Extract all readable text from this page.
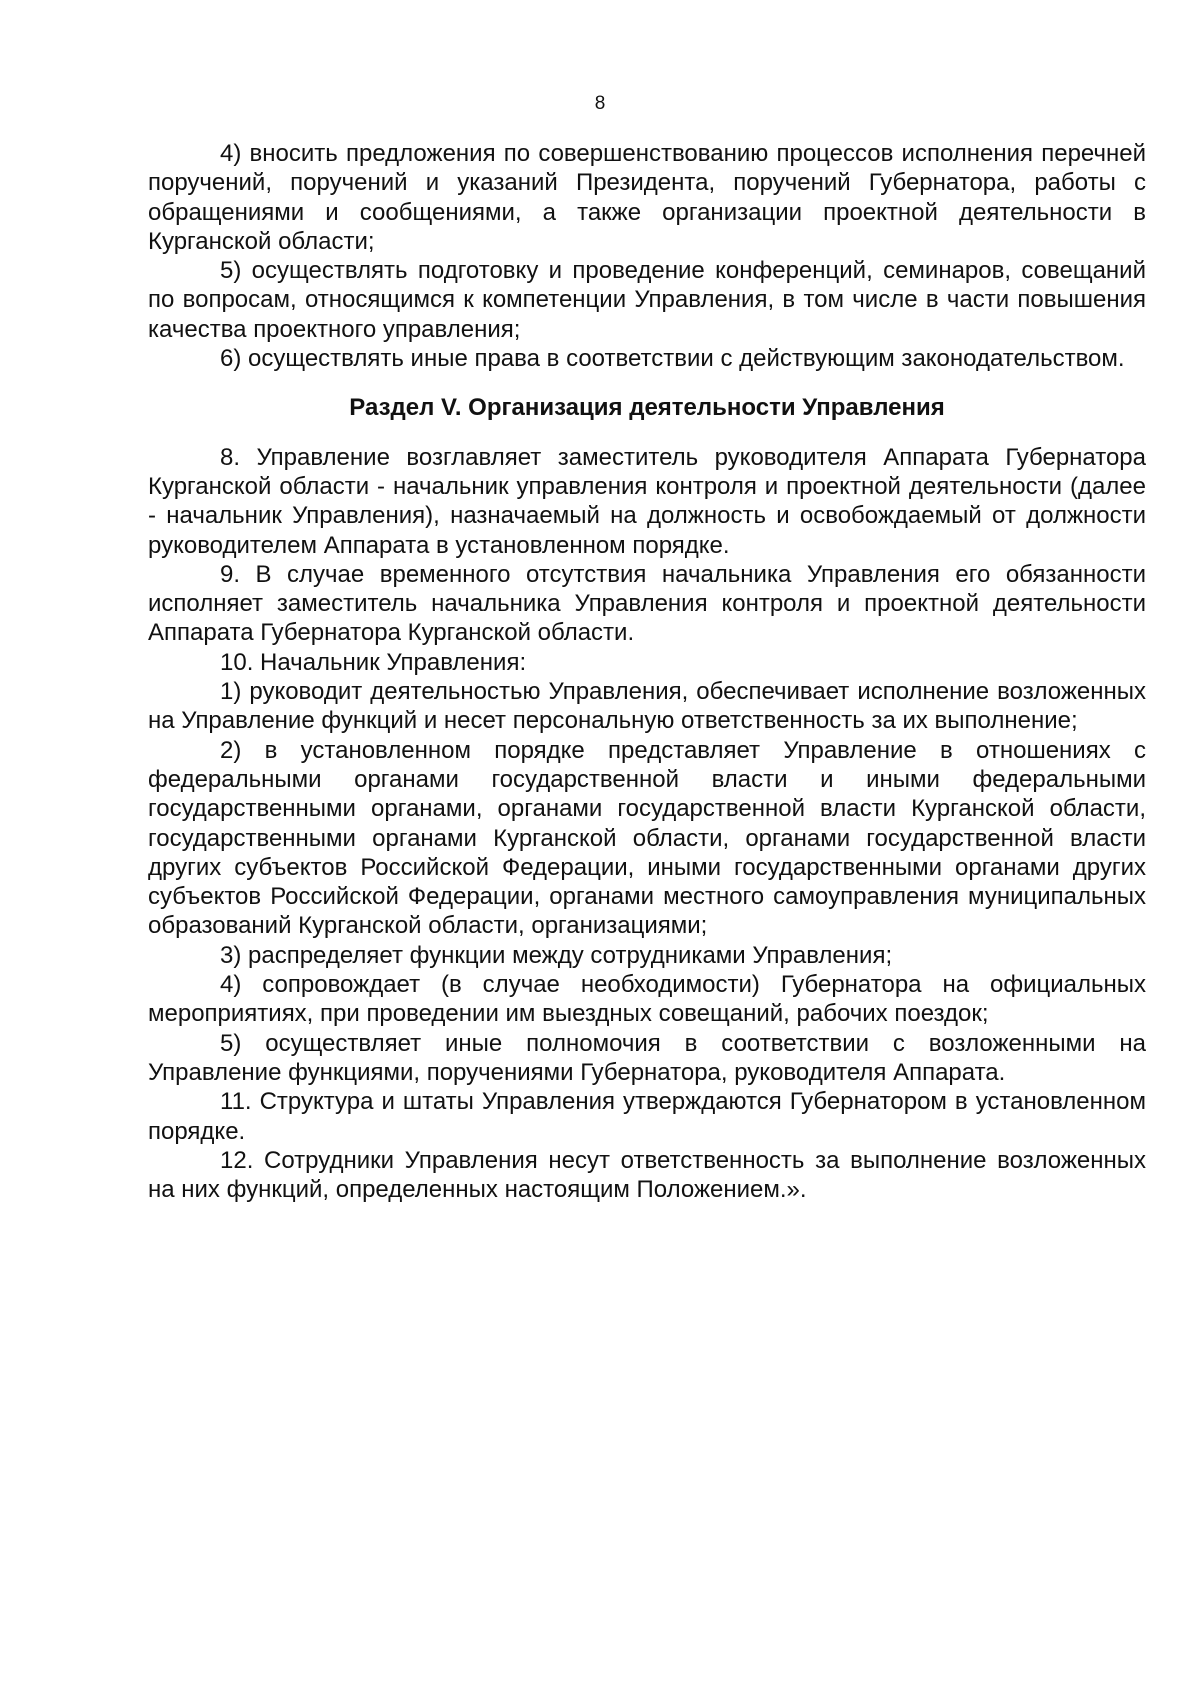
8

4) вносить предложения по совершенствованию процессов исполнения перечней поручений, поручений и указаний Президента, поручений Губернатора, работы с обращениями и сообщениями, а также организации проектной деятельности в Курганской области;

5) осуществлять подготовку и проведение конференций, семинаров, совещаний по вопросам, относящимся к компетенции Управления, в том числе в части повышения качества проектного управления;

6) осуществлять иные права в соответствии с действующим законодательством.

Раздел V. Организация деятельности Управления

8. Управление возглавляет заместитель руководителя Аппарата Губернатора Курганской области - начальник управления контроля и проектной деятельности (далее - начальник Управления), назначаемый на должность и освобождаемый от должности руководителем Аппарата в установленном порядке.

9. В случае временного отсутствия начальника Управления его обязанности исполняет заместитель начальника Управления контроля и проектной деятельности Аппарата Губернатора Курганской области.

10. Начальник Управления:

1) руководит деятельностью Управления, обеспечивает исполнение возложенных на Управление функций и несет персональную ответственность за их выполнение;

2) в установленном порядке представляет Управление в отношениях с федеральными органами государственной власти и иными федеральными государственными органами, органами государственной власти Курганской области, государственными органами Курганской области, органами государственной власти других субъектов Российской Федерации, иными государственными органами других субъектов Российской Федерации, органами местного самоуправления муниципальных образований Курганской области, организациями;

3) распределяет функции между сотрудниками Управления;

4) сопровождает (в случае необходимости) Губернатора на официальных мероприятиях, при проведении им выездных совещаний, рабочих поездок;

5) осуществляет иные полномочия в соответствии с возложенными на Управление функциями, поручениями Губернатора, руководителя Аппарата.

11. Структура и штаты Управления утверждаются Губернатором в установленном порядке.

12. Сотрудники Управления несут ответственность за выполнение возложенных на них функций, определенных настоящим Положением.».
